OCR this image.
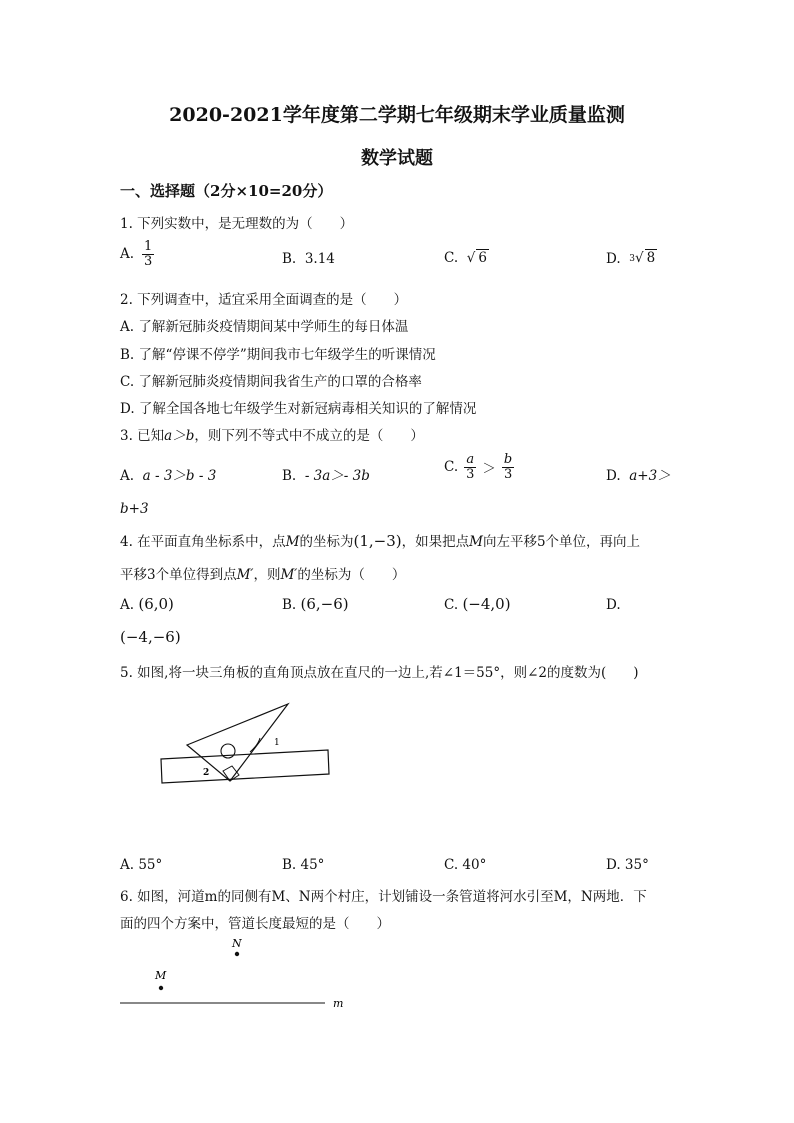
2020-2021学年度第二学期七年级期末学业质量监测
数学试题
一、选择题（2分×10=20分）
1. 下列实数中，是无理数的为（　　）
A. $\frac{1}{3}$	B. 3.14	C. √ 6	D. 3 √ 8
2. 下列调查中，适宜采用全面调查的是（　　）
A. 了解新冠肺炎疫情期间某中学师生的每日体温
B. 了解“停课不停学”期间我市七年级学生的听课情况
C. 了解新冠肺炎疫情期间我省生产的口罩的合格率
D. 了解全国各地七年级学生对新冠病毒相关知识的了解情况
3. 已知a＞b，则下列不等式中不成立的是（　　）
A. a - 3＞b - 3	B. - 3a＞- 3b
C. $\frac{a}{3} > \frac{b}{3}$	D. a+3＞
b+3
4. 在平面直角坐标系中，点M的坐标为(1,−3)，如果把点M向左平移5个单位，再向上
平移3个单位得到点M′，则M′的坐标为（　　）
A. (6,0)	B. (6,−6)	C. (−4,0)	D.
(−4,−6)
5. 如图,将一块三角板的直角顶点放在直尺的一边上,若∠1＝55°，则∠2的度数为(　　)
1
2
A. 55°	B. 45°	C. 40°	D. 35°
6. 如图，河道m的同侧有M、N两个村庄，计划铺设一条管道将河水引至M，N两地．下
面的四个方案中，管道长度最短的是（　　）
N
M
m
